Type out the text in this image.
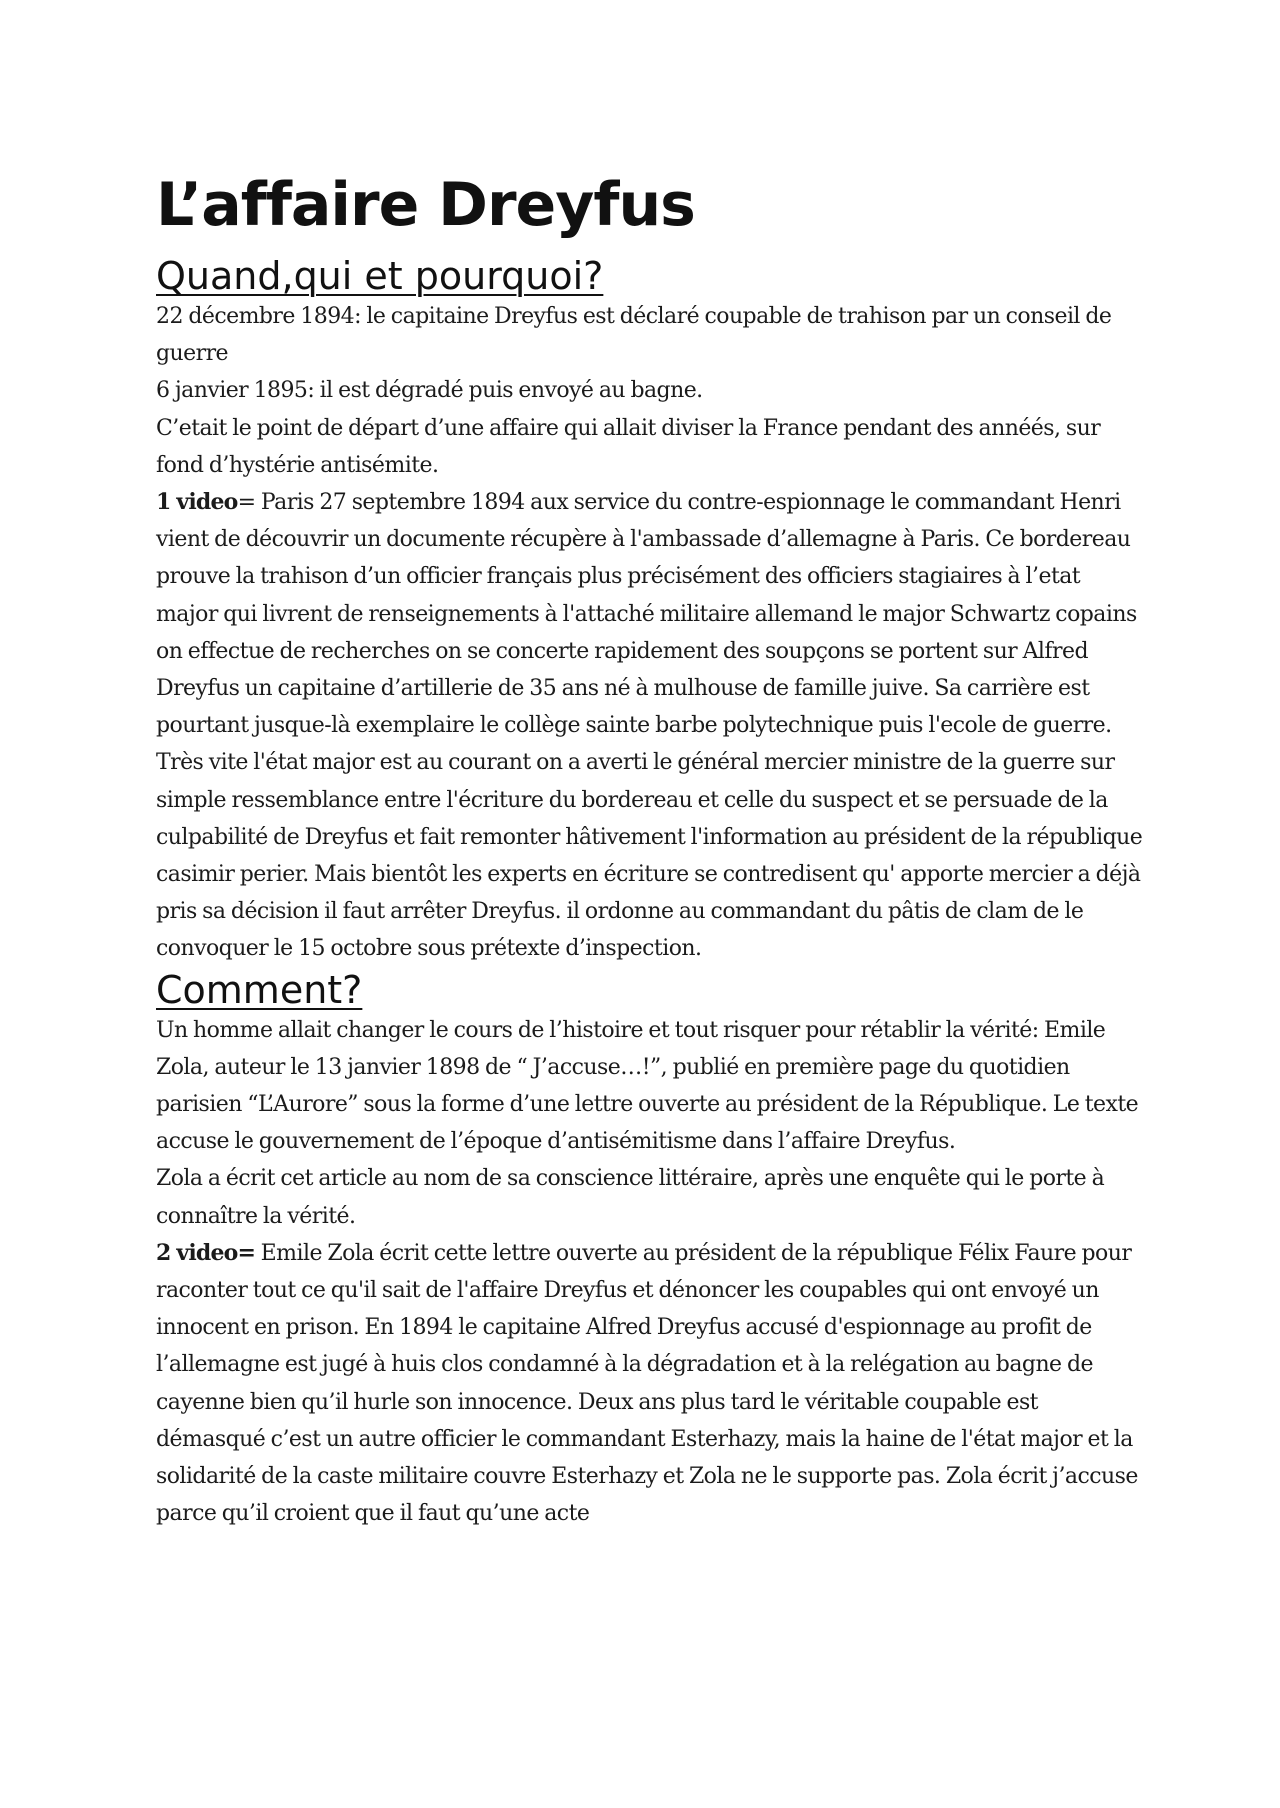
L’affaire Dreyfus
Quand,qui et pourquoi?

22 décembre 1894: le capitaine Dreyfus est déclaré coupable de trahison par un conseil de guerre

6 janvier 1895: il est dégradé puis envoyé au bagne.

C’etait le point de départ d’une affaire qui allait diviser la France pendant des annéés, sur fond d’hystérie antisémite.

1 video= Paris 27 septembre 1894 aux service du contre-espionnage le commandant Henri vient de découvrir un documente récupère à l'ambassade d’allemagne à Paris. Ce bordereau prouve la trahison d’un officier français plus précisément des officiers stagiaires à l’etat major qui livrent de renseignements à l'attaché militaire allemand le major Schwartz copains on effectue de recherches on se concerte rapidement des soupçons se portent sur Alfred Dreyfus un capitaine d’artillerie de 35 ans né à mulhouse de famille juive. Sa carrière est pourtant jusque-là exemplaire le collège sainte barbe polytechnique puis l'ecole de guerre. Très vite l'état major est au courant on a averti le général mercier ministre de la guerre sur simple ressemblance entre l'écriture du bordereau et celle du suspect et se persuade de la culpabilité de Dreyfus et fait remonter hâtivement l'information au président de la république casimir perier. Mais bientôt les experts en écriture se contredisent qu' apporte mercier a déjà pris sa décision il faut arrêter Dreyfus. il ordonne au commandant du pâtis de clam de le convoquer le 15 octobre sous prétexte d’inspection.

Comment?

Un homme allait changer le cours de l’histoire et tout risquer pour rétablir la vérité: Emile Zola, auteur le 13 janvier 1898 de “ J’accuse…!”, publié en première page du quotidien parisien “L’Aurore” sous la forme d’une lettre ouverte au président de la République. Le texte accuse le gouvernement de l’époque d’antisémitisme dans l’affaire Dreyfus.

Zola a écrit cet article au nom de sa conscience littéraire, après une enquête qui le porte à connaître la vérité.

2 video= Emile Zola écrit cette lettre ouverte au président de la république Félix Faure pour raconter tout ce qu'il sait de l'affaire Dreyfus et dénoncer les coupables qui ont envoyé un innocent en prison. En 1894 le capitaine Alfred Dreyfus accusé d'espionnage au profit de l’allemagne est jugé à huis clos condamné à la dégradation et à la relégation au bagne de cayenne bien qu’il hurle son innocence. Deux ans plus tard le véritable coupable est démasqué c’est un autre officier le commandant Esterhazy, mais la haine de l'état major et la solidarité de la caste militaire couvre Esterhazy et Zola ne le supporte pas. Zola écrit j’accuse parce qu’il croient que il faut qu’une acte
